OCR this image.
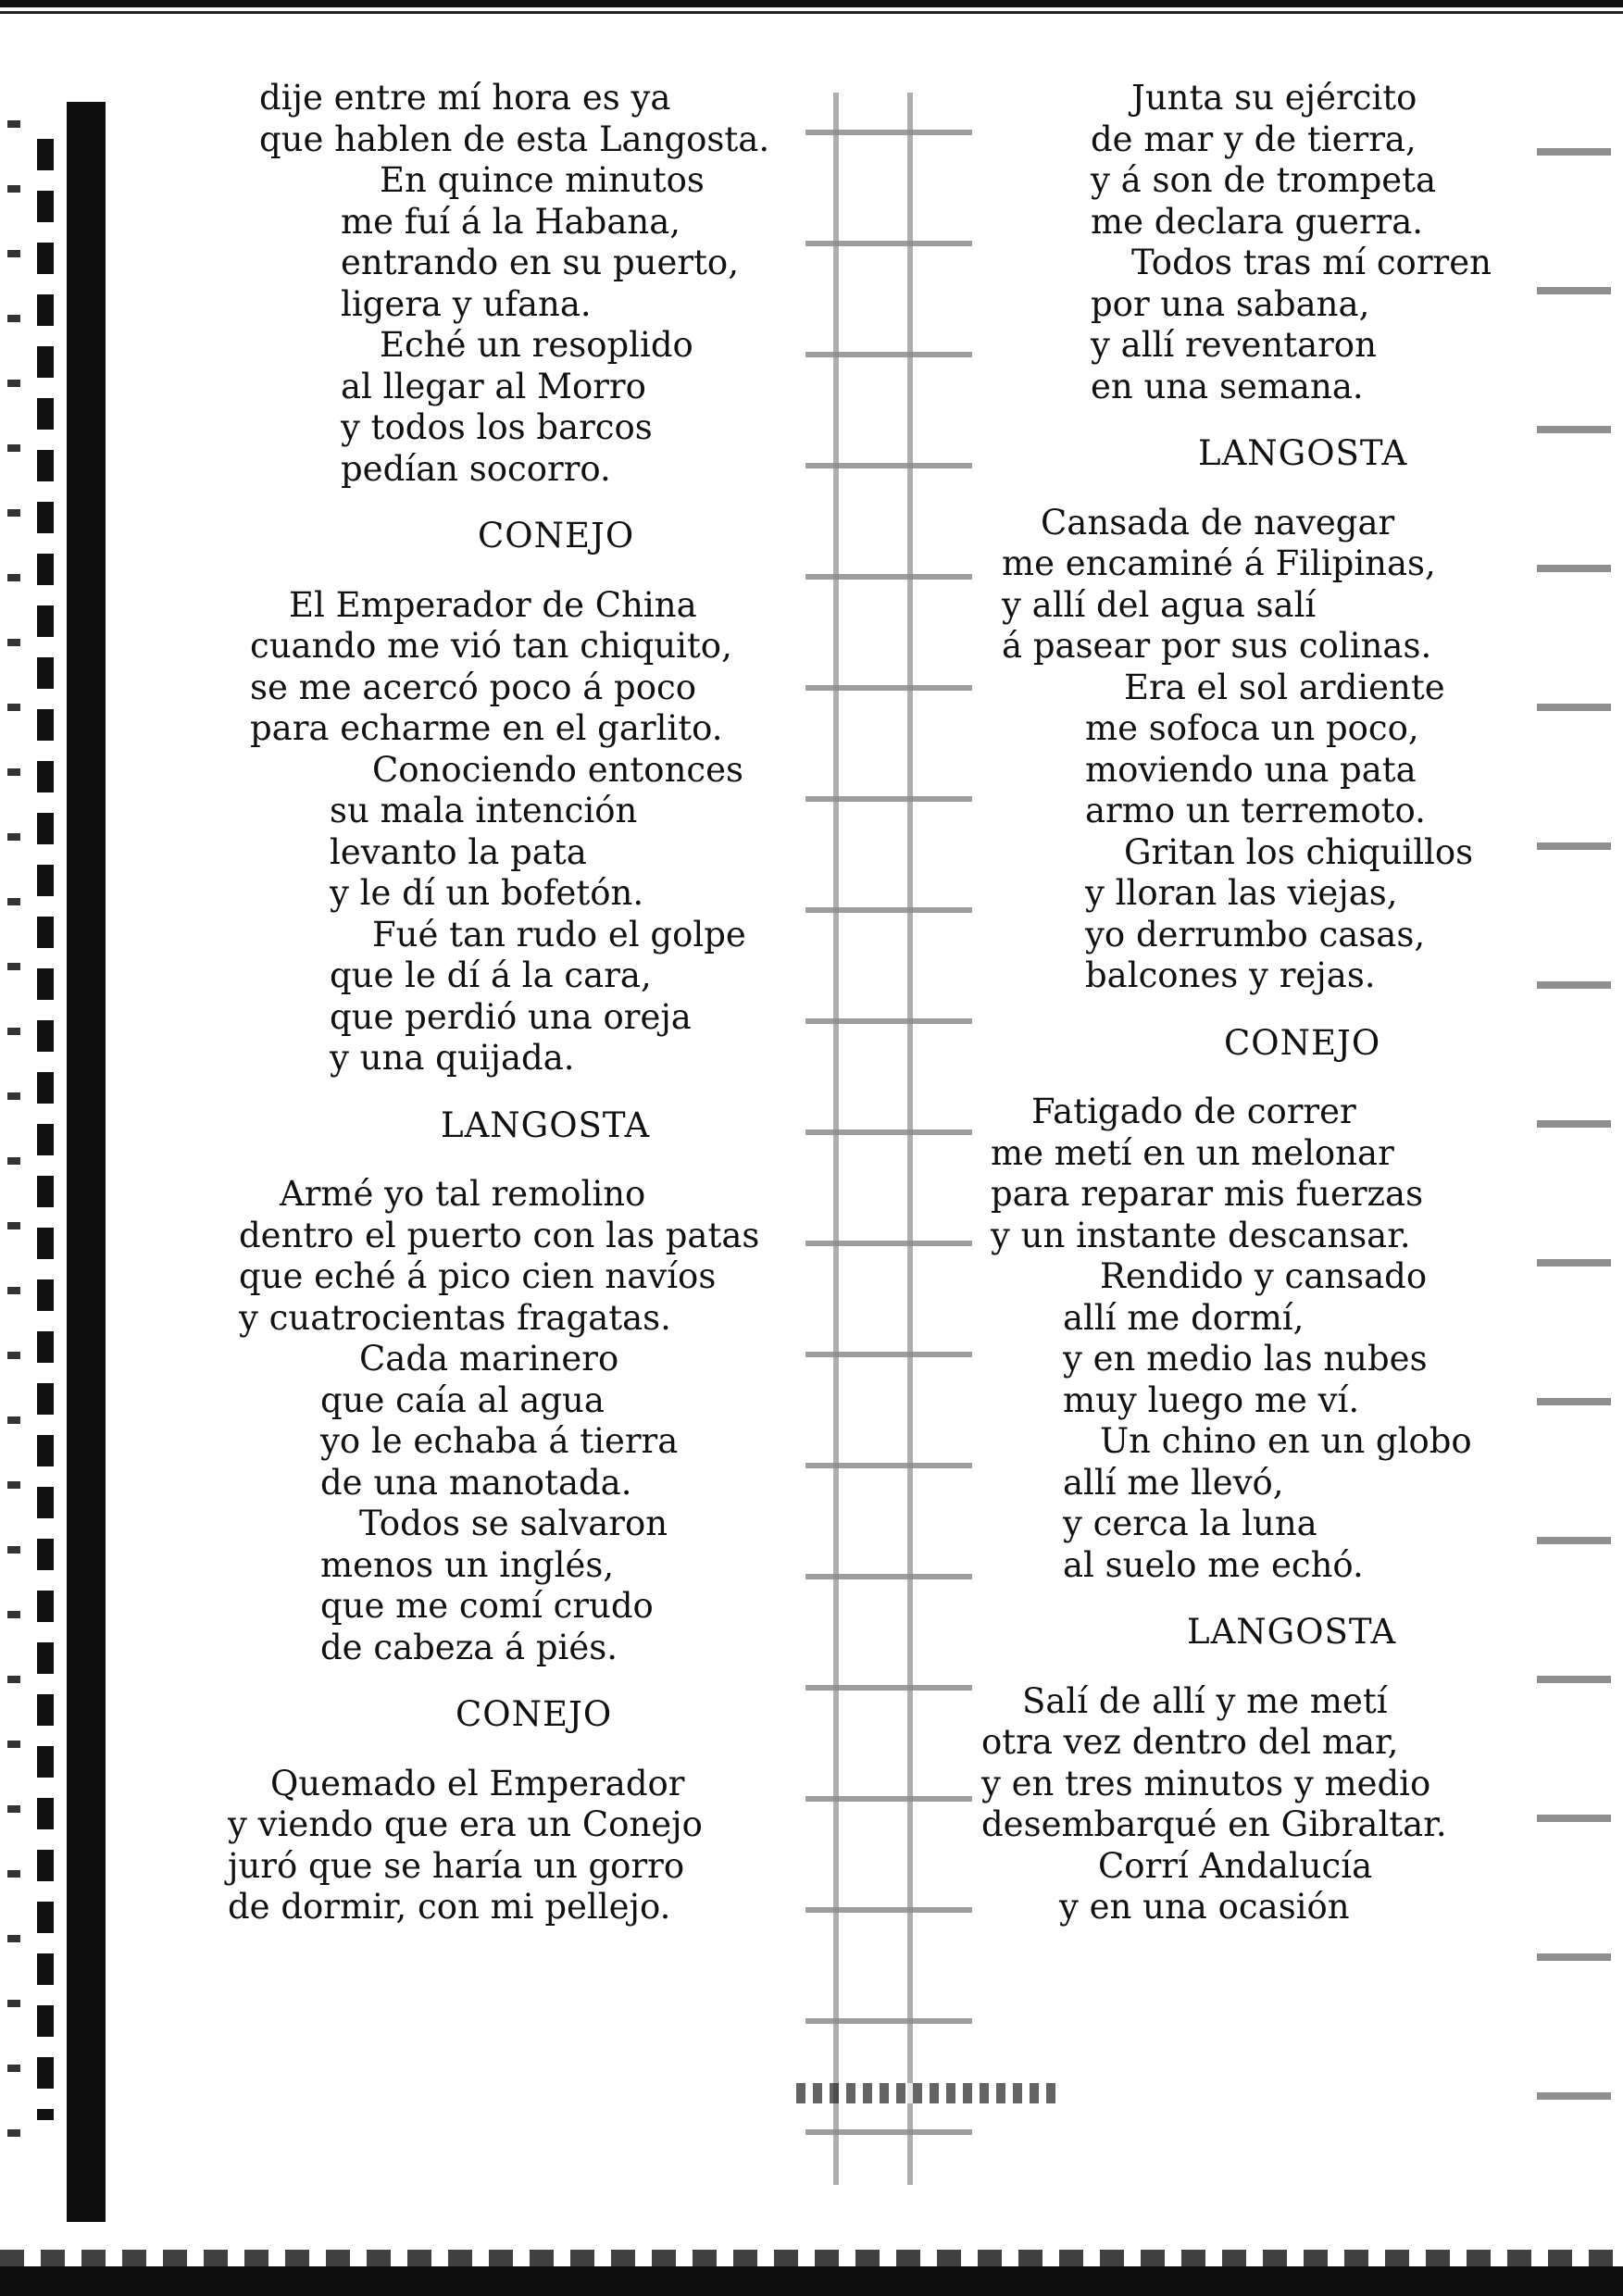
dije entre mí hora es ya
que hablen de esta Langosta.
En quince minutos
me fuí á la Habana,
entrando en su puerto,
ligera y ufana.
Eché un resoplido
al llegar al Morro
y todos los barcos
pedían socorro.
CONEJO
El Emperador de China
cuando me vió tan chiquito,
se me acercó poco á poco
para echarme en el garlito.
Conociendo entonces
su mala intención
levanto la pata
y le dí un bofetón.
Fué tan rudo el golpe
que le dí á la cara,
que perdió una oreja
y una quijada.
LANGOSTA
Armé yo tal remolino
dentro el puerto con las patas
que eché á pico cien navíos
y cuatrocientas fragatas.
Cada marinero
que caía al agua
yo le echaba á tierra
de una manotada.
Todos se salvaron
menos un inglés,
que me comí crudo
de cabeza á piés.
CONEJO
Quemado el Emperador
y viendo que era un Conejo
juró que se haría un gorro
de dormir, con mi pellejo.
Junta su ejército
de mar y de tierra,
y á son de trompeta
me declara guerra.
Todos tras mí corren
por una sabana,
y allí reventaron
en una semana.
LANGOSTA
Cansada de navegar
me encaminé á Filipinas,
y allí del agua salí
á pasear por sus colinas.
Era el sol ardiente
me sofoca un poco,
moviendo una pata
armo un terremoto.
Gritan los chiquillos
y lloran las viejas,
yo derrumbo casas,
balcones y rejas.
CONEJO
Fatigado de correr
me metí en un melonar
para reparar mis fuerzas
y un instante descansar.
Rendido y cansado
allí me dormí,
y en medio las nubes
muy luego me ví.
Un chino en un globo
allí me llevó,
y cerca la luna
al suelo me echó.
LANGOSTA
Salí de allí y me metí
otra vez dentro del mar,
y en tres minutos y medio
desembarqué en Gibraltar.
Corrí Andalucía
y en una ocasión
